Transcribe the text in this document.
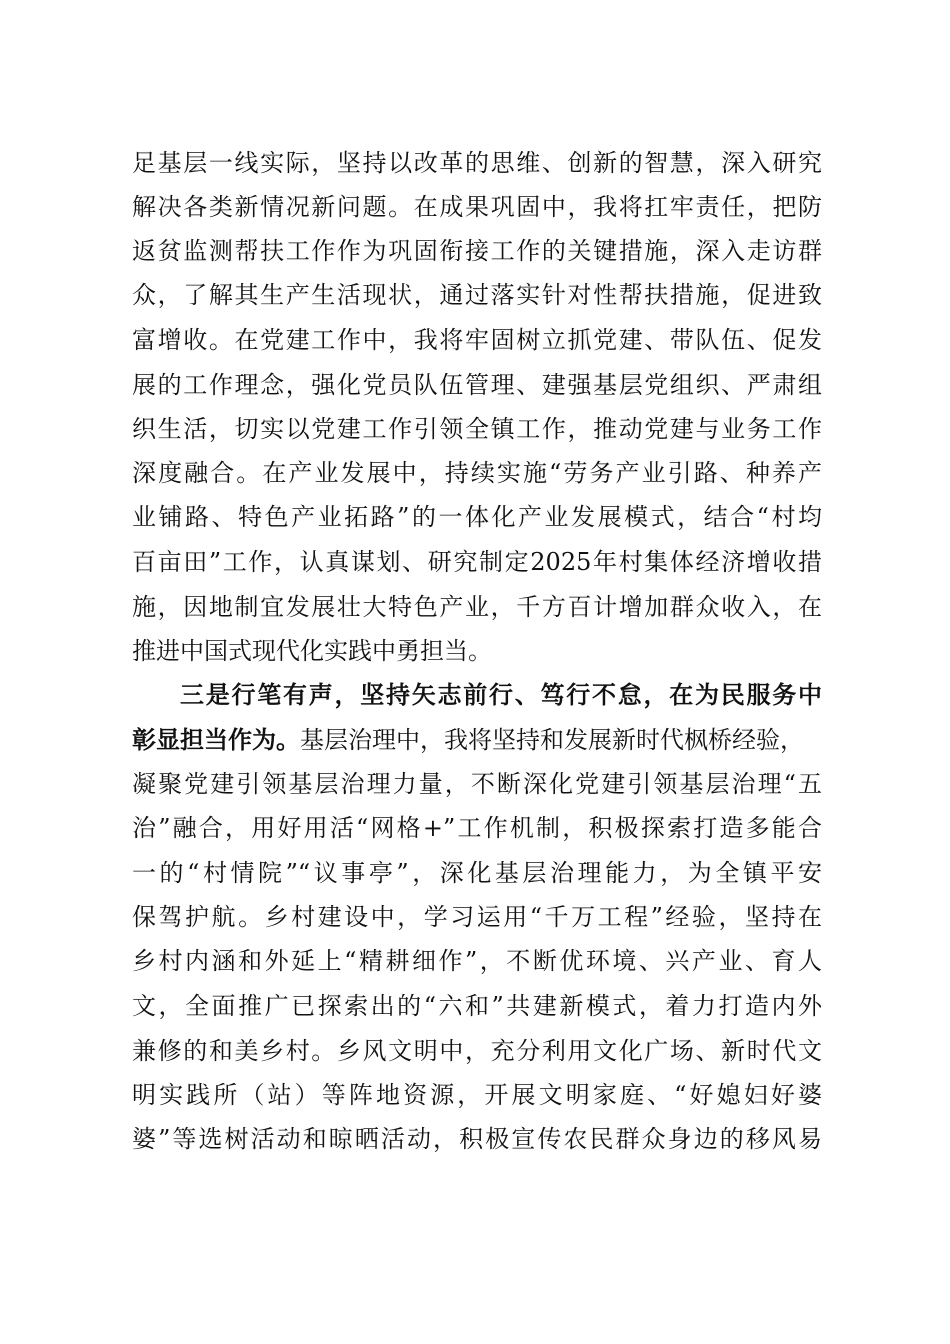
足基层一线实际，坚持以改革的思维、创新的智慧，深入研究
解决各类新情况新问题。在成果巩固中，我将扛牢责任，把防
返贫监测帮扶工作作为巩固衔接工作的关键措施，深入走访群
众，了解其生产生活现状，通过落实针对性帮扶措施，促进致
富增收。在党建工作中，我将牢固树立抓党建、带队伍、促发
展的工作理念，强化党员队伍管理、建强基层党组织、严肃组
织生活，切实以党建工作引领全镇工作，推动党建与业务工作
深度融合。在产业发展中，持续实施“劳务产业引路、种养产
业铺路、特色产业拓路”的一体化产业发展模式，结合“村均
百亩田”工作，认真谋划、研究制定2025年村集体经济增收措
施，因地制宜发展壮大特色产业，千方百计增加群众收入，在
推进中国式现代化实践中勇担当。
三是行笔有声，坚持矢志前行、笃行不怠，在为民服务中
彰显担当作为。基层治理中，我将坚持和发展新时代枫桥经验，
凝聚党建引领基层治理力量，不断深化党建引领基层治理“五
治”融合，用好用活“网格+”工作机制，积极探索打造多能合
一的“村情院”“议事亭”，深化基层治理能力，为全镇平安
保驾护航。乡村建设中，学习运用“千万工程”经验，坚持在
乡村内涵和外延上“精耕细作”，不断优环境、兴产业、育人
文，全面推广已探索出的“六和”共建新模式，着力打造内外
兼修的和美乡村。乡风文明中，充分利用文化广场、新时代文
明实践所（站）等阵地资源，开展文明家庭、“好媳妇好婆
婆”等选树活动和晾晒活动，积极宣传农民群众身边的移风易
